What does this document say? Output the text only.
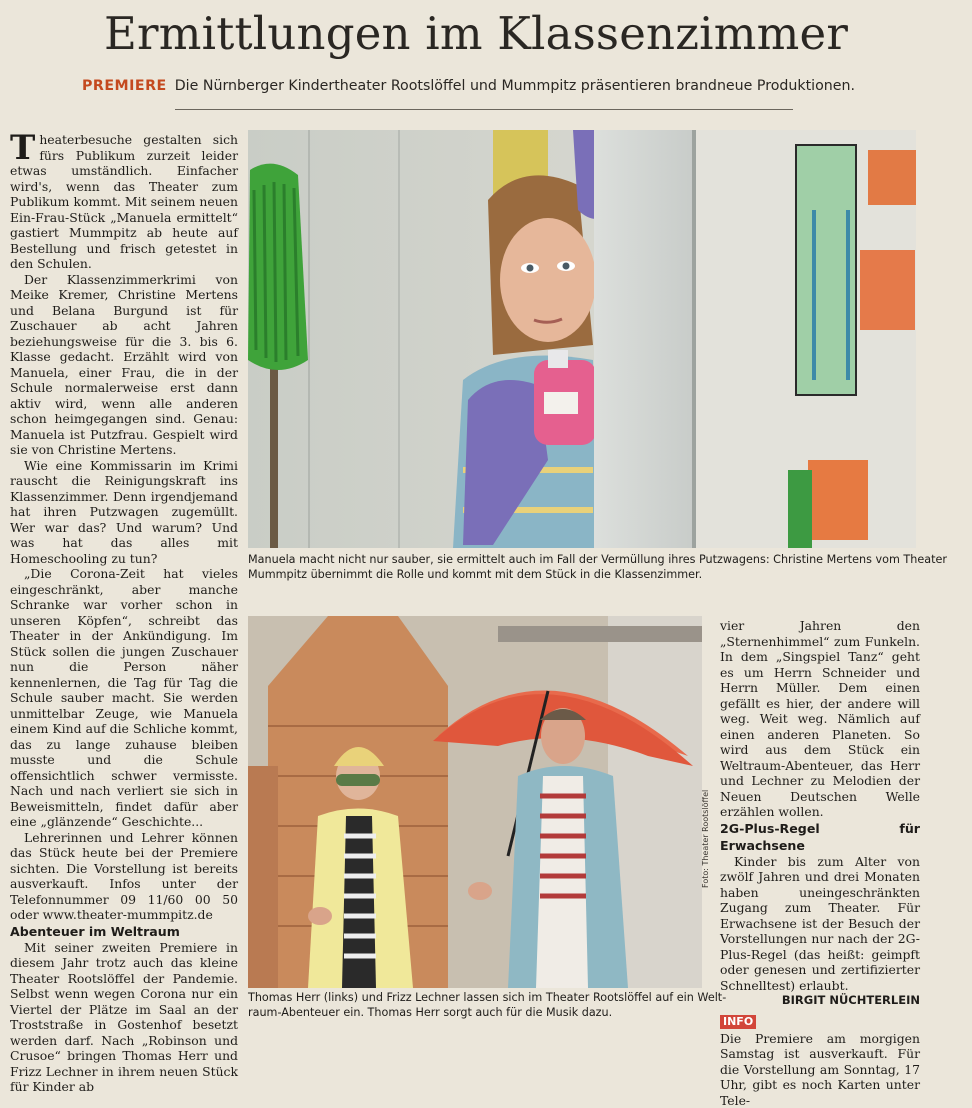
Ermittlungen im Klassenzimmer
PREMIERE Die Nürnberger Kindertheater Rootslöffel und Mummpitz präsentieren brandneue Produktionen.

Theaterbesuche gestalten sich fürs Publikum zurzeit leider etwas umständlich. Einfacher wird's, wenn das Theater zum Publikum kommt. Mit seinem neuen Ein-Frau-Stück „Manuela ermittelt“ gastiert Mummpitz ab heute auf Bestellung und frisch getestet in den Schulen.

Der Klassenzimmerkrimi von Meike Kremer, Christine Mertens und Belana Burgund ist für Zuschauer ab acht Jahren beziehungsweise für die 3. bis 6. Klasse gedacht. Erzählt wird von Manuela, einer Frau, die in der Schule normalerweise erst dann aktiv wird, wenn alle anderen schon heimgegangen sind. Genau: Manuela ist Putzfrau. Gespielt wird sie von Christine Mertens.

Wie eine Kommissarin im Krimi rauscht die Reinigungskraft ins Klassenzimmer. Denn irgendjemand hat ihren Putzwagen zugemüllt. Wer war das? Und warum? Und was hat das alles mit Homeschooling zu tun?

„Die Corona-Zeit hat vieles eingeschränkt, aber manche Schranke war vorher schon in unseren Köpfen“, schreibt das Theater in der Ankündigung. Im Stück sollen die jungen Zuschauer nun die Person näher kennenlernen, die Tag für Tag die Schule sauber macht. Sie werden unmittelbar Zeuge, wie Manuela einem Kind auf die Schliche kommt, das zu lange zuhause bleiben musste und die Schule offensichtlich schwer vermisste. Nach und nach verliert sie sich in Beweismitteln, findet dafür aber eine „glänzende“ Geschichte...

Lehrerinnen und Lehrer können das Stück heute bei der Premiere sichten. Die Vorstellung ist bereits ausverkauft. Infos unter der Telefonnummer 09 11/60 00 50 oder www.theater-mummpitz.de

Abenteuer im Weltraum

Mit seiner zweiten Premiere in diesem Jahr trotz auch das kleine Theater Rootslöffel der Pandemie. Selbst wenn wegen Corona nur ein Viertel der Plätze im Saal an der Troststraße in Gostenhof besetzt werden darf. Nach „Robinson und Crusoe“ bringen Thomas Herr und Frizz Lechner in ihrem neuen Stück für Kinder ab

Manuela macht nicht nur sauber, sie ermittelt auch im Fall der Vermüllung ihres Putzwagens: Christine Mertens vom Theater
Mummpitz übernimmt die Rolle und kommt mit dem Stück in die Klassenzimmer.
Foto: Theater Rootslöffel
Thomas Herr (links) und Frizz Lechner lassen sich im Theater Rootslöffel auf ein Welt-
raum-Abenteuer ein. Thomas Herr sorgt auch für die Musik dazu.

vier Jahren den „Sternenhimmel“ zum Funkeln. In dem „Singspiel Tanz“ geht es um Herrn Schneider und Herrn Müller. Dem einen gefällt es hier, der andere will weg. Weit weg. Nämlich auf einen anderen Planeten. So wird aus dem Stück ein Weltraum-Abenteuer, das Herr und Lechner zu Melodien der Neuen Deutschen Welle erzählen wollen.

2G-Plus-Regel für Erwachsene

Kinder bis zum Alter von zwölf Jahren und drei Monaten haben uneingeschränkten Zugang zum Theater. Für Erwachsene ist der Besuch der Vorstellungen nur nach der 2G-Plus-Regel (das heißt: geimpft oder genesen und zertifizierter Schnelltest) erlaubt.

BIRGIT NÜCHTERLEIN

INFO

Die Premiere am morgigen Samstag ist ausverkauft. Für die Vorstellung am Sonntag, 17 Uhr, gibt es noch Karten unter Tele-
